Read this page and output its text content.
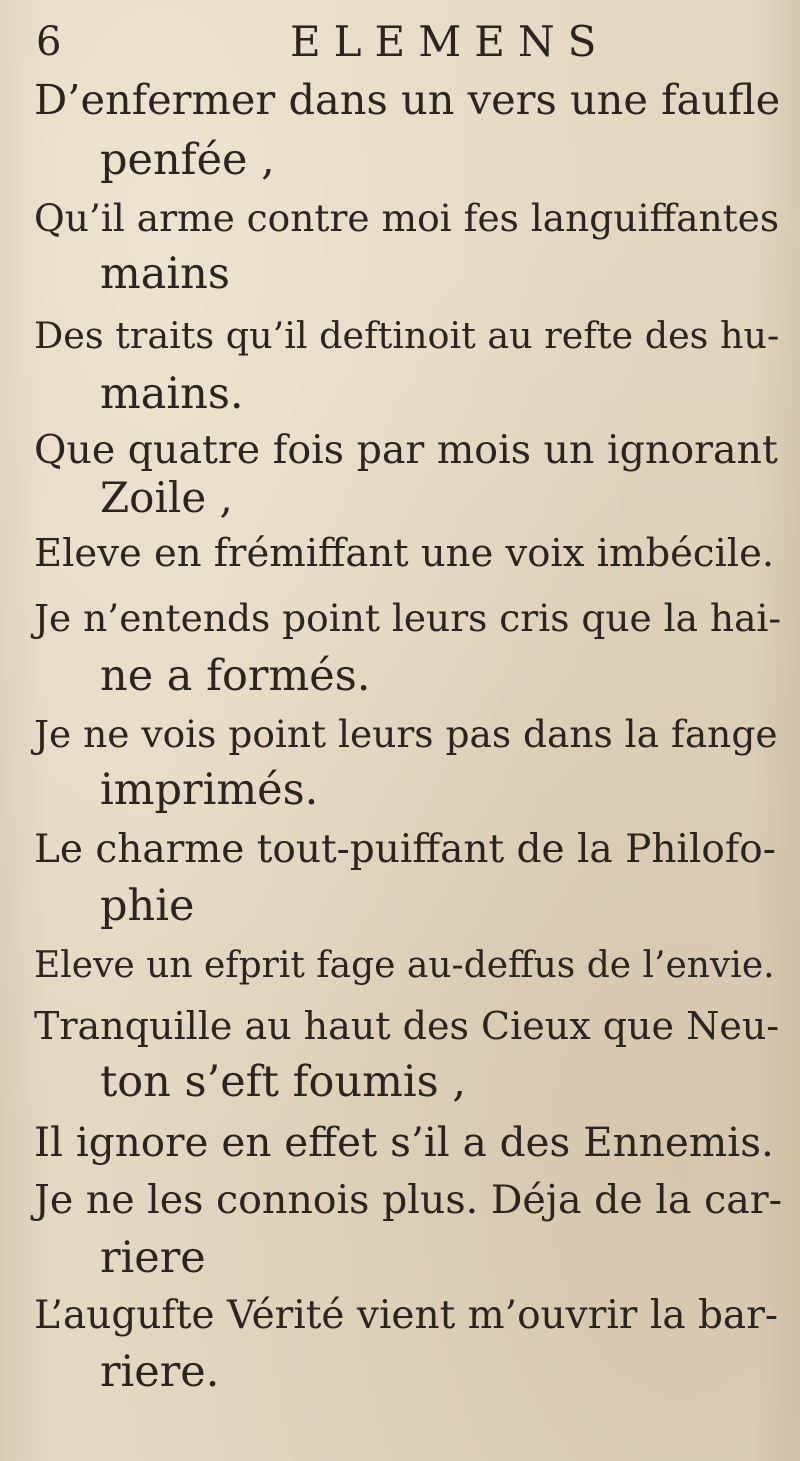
6	ELEMENS
D’enfermer dans un vers une faufle
penfée ,
Qu’il arme contre moi fes languiffantes
mains
Des traits qu’il deftinoit au refte des hu-
mains.
Que quatre fois par mois un ignorant
Zoile ,
Eleve en frémiffant une voix imbécile.
Je n’entends point leurs cris que la hai-
ne a formés.
Je ne vois point leurs pas dans la fange
imprimés.
Le charme tout-puiffant de la Philofo-
phie
Eleve un efprit fage au-deffus de l’envie.
Tranquille au haut des Cieux que Neu-
ton s’eft foumis ,
Il ignore en effet s’il a des Ennemis.
Je ne les connois plus. Déja de la car-
riere
L’augufte Vérité vient m’ouvrir la bar-
riere.
